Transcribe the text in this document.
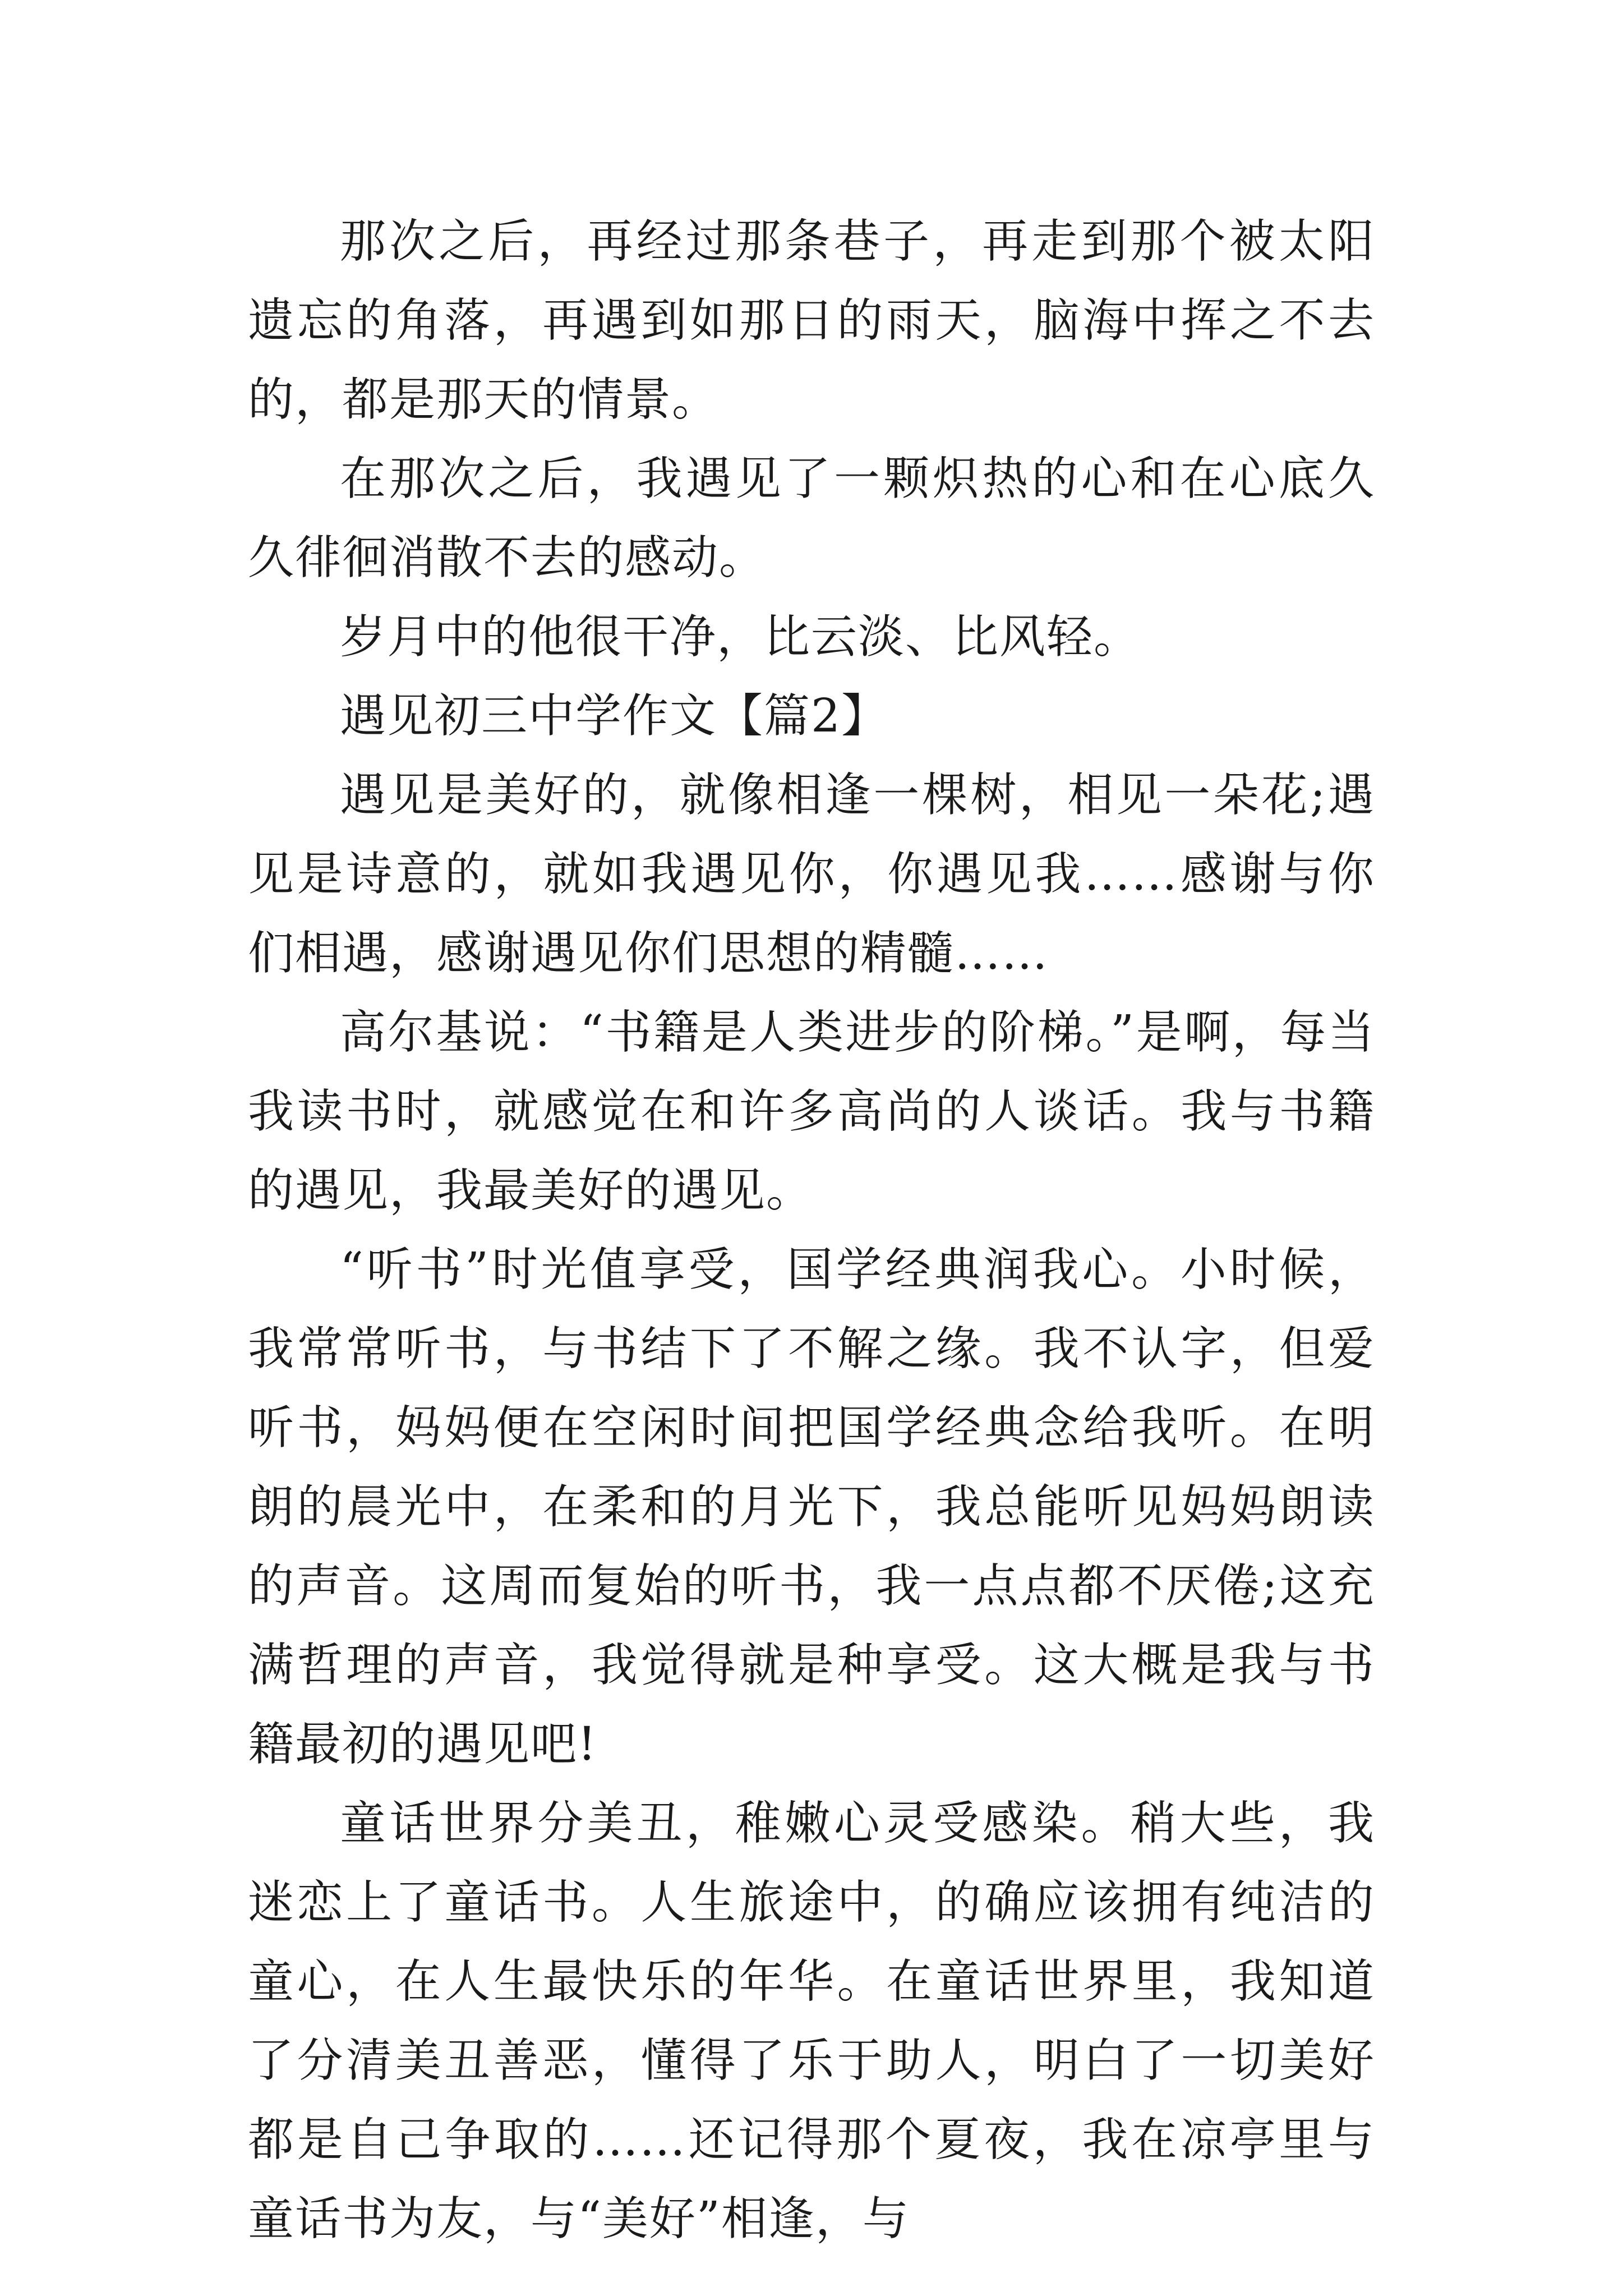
那次之后，再经过那条巷子，再走到那个被太阳遗忘的角落，再遇到如那日的雨天，脑海中挥之不去的，都是那天的情景。

在那次之后，我遇见了一颗炽热的心和在心底久久徘徊消散不去的感动。

岁月中的他很干净，比云淡、比风轻。

遇见初三中学作文【篇2】

遇见是美好的，就像相逢一棵树，相见一朵花;遇见是诗意的，就如我遇见你，你遇见我……感谢与你们相遇，感谢遇见你们思想的精髓……

高尔基说：“书籍是人类进步的阶梯。”是啊，每当我读书时，就感觉在和许多高尚的人谈话。我与书籍的遇见，我最美好的遇见。

“听书”时光值享受，国学经典润我心。小时候，我常常听书，与书结下了不解之缘。我不认字，但爱听书，妈妈便在空闲时间把国学经典念给我听。在明朗的晨光中，在柔和的月光下，我总能听见妈妈朗读的声音。这周而复始的听书，我一点点都不厌倦;这充满哲理的声音，我觉得就是种享受。这大概是我与书籍最初的遇见吧!

童话世界分美丑，稚嫩心灵受感染。稍大些，我迷恋上了童话书。人生旅途中，的确应该拥有纯洁的童心，在人生最快乐的年华。在童话世界里，我知道了分清美丑善恶，懂得了乐于助人，明白了一切美好都是自己争取的……还记得那个夏夜，我在凉亭里与童话书为友，与“美好”相逢，与
